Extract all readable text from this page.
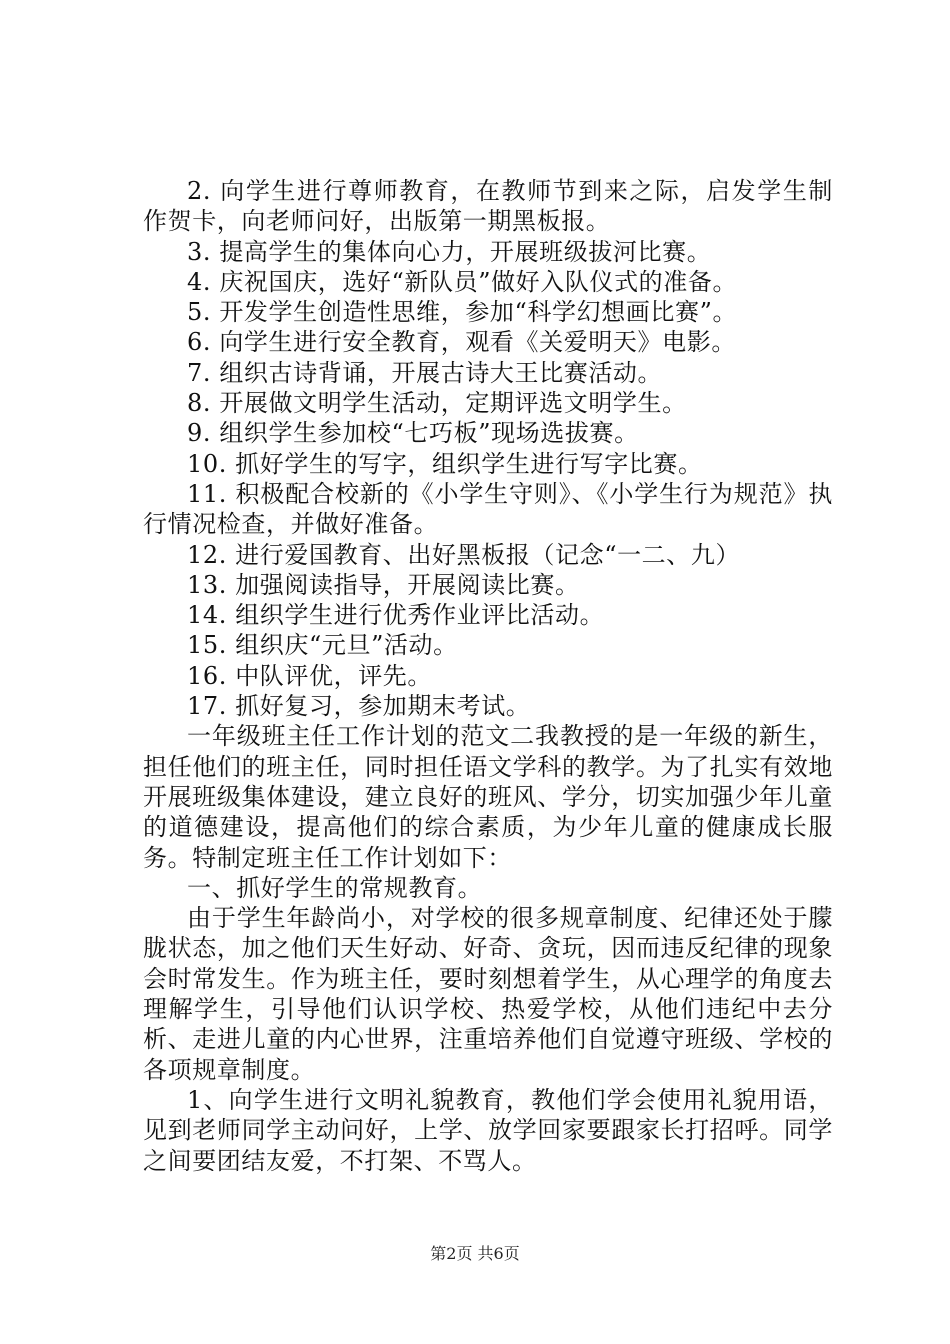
2. 向学生进行尊师教育，在教师节到来之际，启发学生制作贺卡，向老师问好，出版第一期黑板报。

3. 提高学生的集体向心力，开展班级拔河比赛。

4. 庆祝国庆，选好“新队员”做好入队仪式的准备。

5. 开发学生创造性思维，参加“科学幻想画比赛”。

6. 向学生进行安全教育，观看《关爱明天》电影。

7. 组织古诗背诵，开展古诗大王比赛活动。

8. 开展做文明学生活动，定期评选文明学生。

9. 组织学生参加校“七巧板”现场选拔赛。

10. 抓好学生的写字，组织学生进行写字比赛。

11. 积极配合校新的《小学生守则》、《小学生行为规范》执行情况检查，并做好准备。

12. 进行爱国教育、出好黑板报（记念“一二、九）

13. 加强阅读指导，开展阅读比赛。

14. 组织学生进行优秀作业评比活动。

15. 组织庆“元旦”活动。

16. 中队评优，评先。

17. 抓好复习，参加期末考试。

一年级班主任工作计划的范文二我教授的是一年级的新生，担任他们的班主任，同时担任语文学科的教学。为了扎实有效地开展班级集体建设，建立良好的班风、学分，切实加强少年儿童的道德建设，提高他们的综合素质，为少年儿童的健康成长服务。特制定班主任工作计划如下：

一、抓好学生的常规教育。

由于学生年龄尚小，对学校的很多规章制度、纪律还处于朦胧状态，加之他们天生好动、好奇、贪玩，因而违反纪律的现象会时常发生。作为班主任，要时刻想着学生，从心理学的角度去理解学生，引导他们认识学校、热爱学校，从他们违纪中去分析、走进儿童的内心世界，注重培养他们自觉遵守班级、学校的各项规章制度。

1、向学生进行文明礼貌教育，教他们学会使用礼貌用语，见到老师同学主动问好，上学、放学回家要跟家长打招呼。同学之间要团结友爱，不打架、不骂人。

第2页 共6页
